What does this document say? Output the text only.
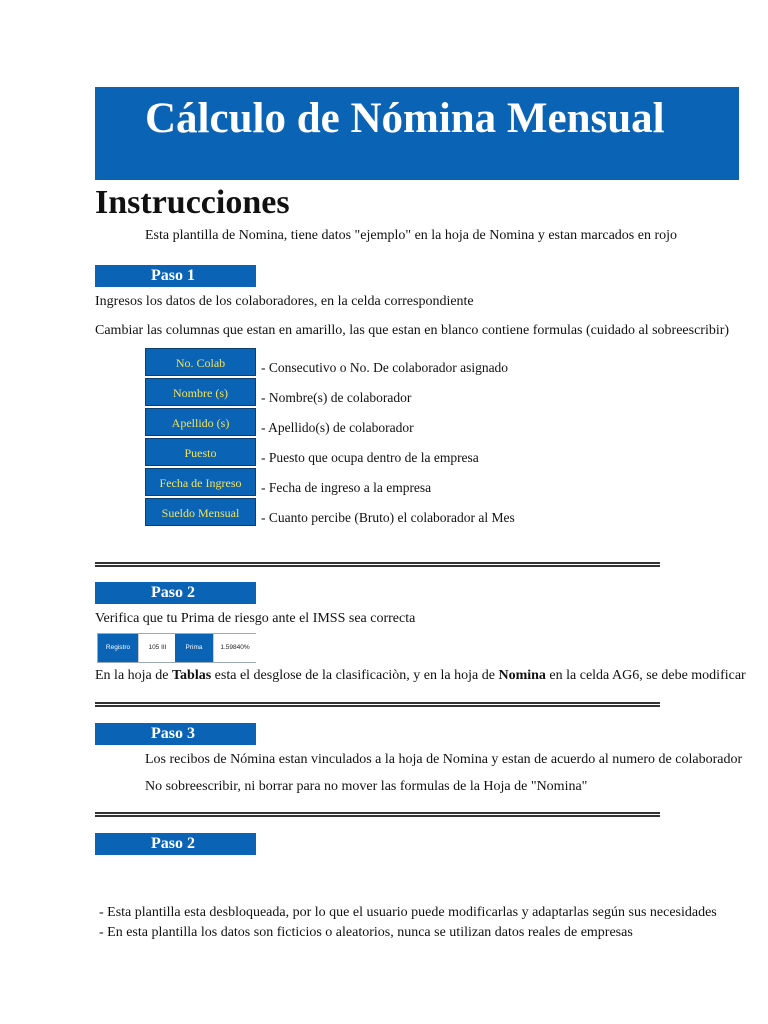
Cálculo de Nómina Mensual
Instrucciones
Esta plantilla de Nomina, tiene datos "ejemplo" en la hoja de Nomina y estan marcados en rojo
Paso 1
Ingresos los datos de los colaboradores, en la celda correspondiente
Cambiar las columnas que estan en amarillo, las que estan en blanco contiene formulas (cuidado al sobreescribir)
No. Colab	- Consecutivo o No. De colaborador asignado
Nombre (s)	- Nombre(s) de colaborador
Apellido (s)	- Apellido(s) de colaborador
Puesto	- Puesto que ocupa dentro de la empresa
Fecha de Ingreso	- Fecha de ingreso a la empresa
Sueldo Mensual	- Cuanto percibe (Bruto) el colaborador al Mes
Paso 2
Verifica que tu Prima de riesgo ante el IMSS sea correcta
Registro	105 III	Prima	1.59840%
En la hoja de Tablas esta el desglose de la clasificaciòn, y en la hoja de Nomina en la celda AG6, se debe modificar
Paso 3
Los recibos de Nómina estan vinculados a la hoja de Nomina y estan de acuerdo al numero de colaborador
No sobreescribir, ni borrar para no mover las formulas de la Hoja de "Nomina"
Paso 2
- Esta plantilla esta desbloqueada, por lo que el usuario puede modificarlas y adaptarlas según sus necesidades
- En esta plantilla los datos son ficticios o aleatorios, nunca se utilizan datos reales de empresas
